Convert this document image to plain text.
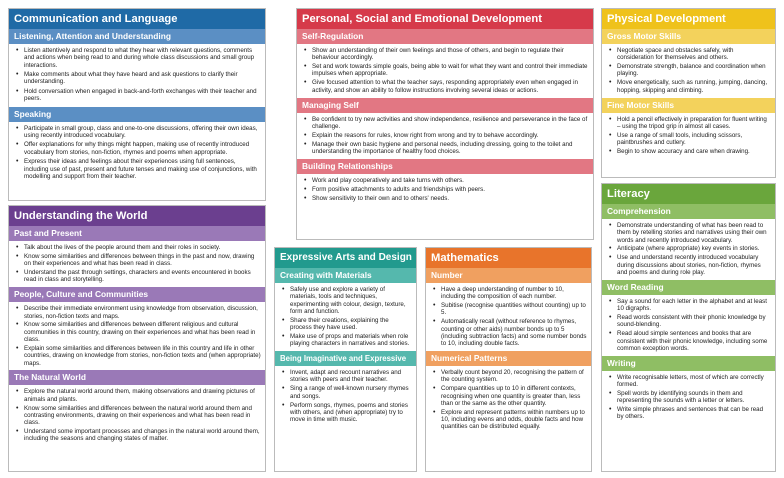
Communication and Language
Listening, Attention and Understanding
• Listen attentively and respond to what they hear with relevant questions, comments and actions when being read to and during whole class discussions and small group interactions.
• Make comments about what they have heard and ask questions to clarify their understanding.
• Hold conversation when engaged in back-and-forth exchanges with their teacher and peers.
Speaking
• Participate in small group, class and one-to-one discussions, offering their own ideas, using recently introduced vocabulary.
• Offer explanations for why things might happen, making use of recently introduced vocabulary from stories, non-fiction, rhymes and poems when appropriate.
• Express their ideas and feelings about their experiences using full sentences, including use of past, present and future tenses and making use of conjunctions, with modelling and support from their teacher.
Understanding the World
Past and Present
• Talk about the lives of the people around them and their roles in society.
• Know some similarities and differences between things in the past and now, drawing on their experiences and what has been read in class.
• Understand the past through settings, characters and events encountered in books read in class and storytelling.
People, Culture and Communities
• Describe their immediate environment using knowledge from observation, discussion, stories, non-fiction texts and maps.
• Know some similarities and differences between different religious and cultural communities in this country, drawing on their experiences and what has been read in class.
• Explain some similarities and differences between life in this country and life in other countries, drawing on knowledge from stories, non-fiction texts and (when appropriate) maps.
The Natural World
• Explore the natural world around them, making observations and drawing pictures of animals and plants.
• Know some similarities and differences between the natural world around them and contrasting environments, drawing on their experiences and what has been read in class.
• Understand some important processes and changes in the natural world around them, including the seasons and changing states of matter.
Personal, Social and Emotional Development
Self-Regulation
• Show an understanding of their own feelings and those of others, and begin to regulate their behaviour accordingly.
• Set and work towards simple goals, being able to wait for what they want and control their immediate impulses when appropriate.
• Give focused attention to what the teacher says, responding appropriately even when engaged in activity, and show an ability to follow instructions involving several ideas or actions.
Managing Self
• Be confident to try new activities and show independence, resilience and perseverance in the face of challenge.
• Explain the reasons for rules, know right from wrong and try to behave accordingly.
• Manage their own basic hygiene and personal needs, including dressing, going to the toilet and understanding the importance of healthy food choices.
Building Relationships
• Work and play cooperatively and take turns with others.
• Form positive attachments to adults and friendships with peers.
• Show sensitivity to their own and to others' needs.
Expressive Arts and Design
Creating with Materials
• Safely use and explore a variety of materials, tools and techniques, experimenting with colour, design, texture, form and function.
• Share their creations, explaining the process they have used.
• Make use of props and materials when role playing characters in narratives and stories.
Being Imaginative and Expressive
• Invent, adapt and recount narratives and stories with peers and their teacher.
• Sing a range of well-known nursery rhymes and songs.
• Perform songs, rhymes, poems and stories with others, and (when appropriate) try to move in time with music.
Mathematics
Number
• Have a deep understanding of number to 10, including the composition of each number.
• Subitise (recognise quantities without counting) up to 5.
• Automatically recall (without reference to rhymes, counting or other aids) number bonds up to 5 (including subtraction facts) and some number bonds to 10, including double facts.
Numerical Patterns
• Verbally count beyond 20, recognising the pattern of the counting system.
• Compare quantities up to 10 in different contexts, recognising when one quantity is greater than, less than or the same as the other quantity.
• Explore and represent patterns within numbers up to 10, including evens and odds, double facts and how quantities can be distributed equally.
Physical Development
Gross Motor Skills
• Negotiate space and obstacles safely, with consideration for themselves and others.
• Demonstrate strength, balance and coordination when playing.
• Move energetically, such as running, jumping, dancing, hopping, skipping and climbing.
Fine Motor Skills
• Hold a pencil effectively in preparation for fluent writing – using the tripod grip in almost all cases.
• Use a range of small tools, including scissors, paintbrushes and cutlery.
• Begin to show accuracy and care when drawing.
Literacy
Comprehension
• Demonstrate understanding of what has been read to them by retelling stories and narratives using their own words and recently introduced vocabulary.
• Anticipate (where appropriate) key events in stories.
• Use and understand recently introduced vocabulary during discussions about stories, non-fiction, rhymes and poems and during role play.
Word Reading
• Say a sound for each letter in the alphabet and at least 10 digraphs.
• Read words consistent with their phonic knowledge by sound-blending.
• Read aloud simple sentences and books that are consistent with their phonic knowledge, including some common exception words.
Writing
• Write recognisable letters, most of which are correctly formed.
• Spell words by identifying sounds in them and representing the sounds with a letter or letters.
• Write simple phrases and sentences that can be read by others.
